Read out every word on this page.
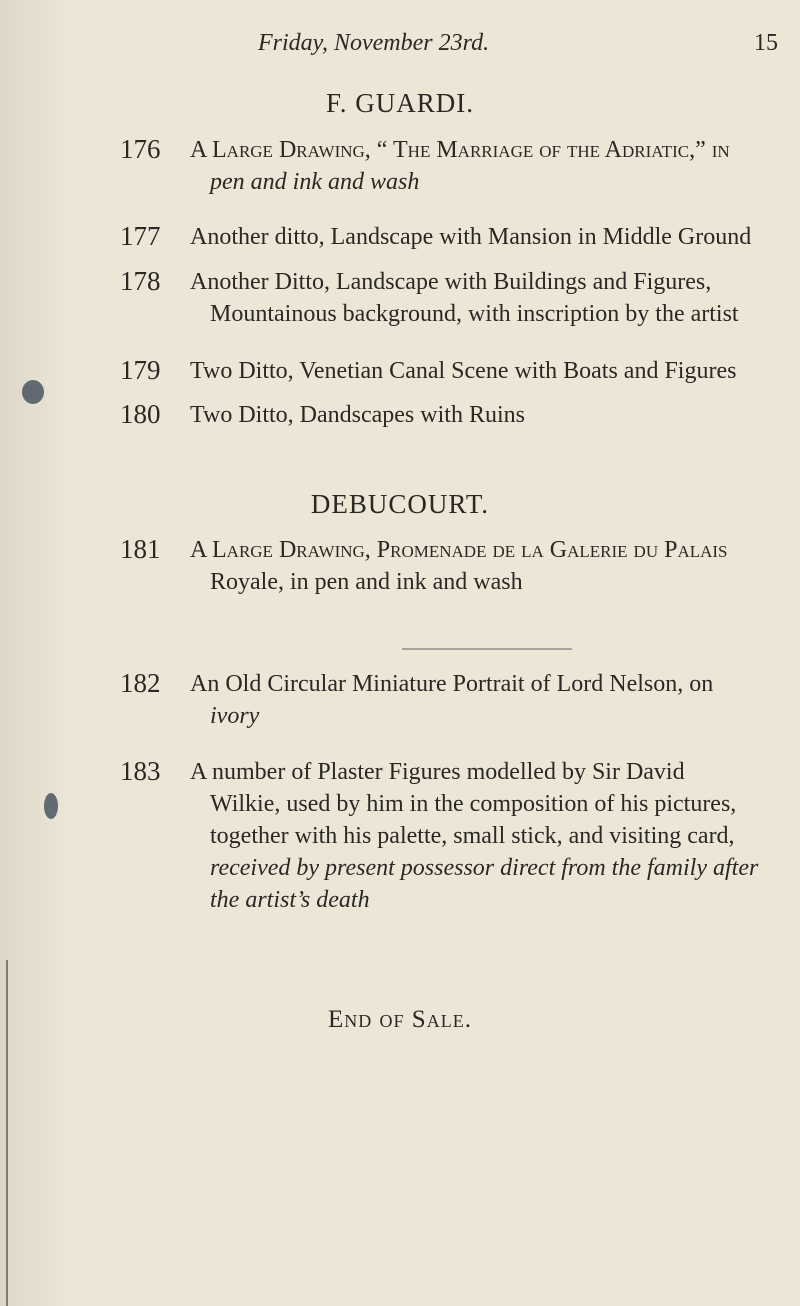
Friday, November 23rd.	15
F. GUARDI.
176 A Large Drawing, “ The Marriage of the Adriatic,” in
pen and ink and wash
177 Another ditto, Landscape with Mansion in Middle Ground
178 Another Ditto, Landscape with Buildings and Figures,
Mountainous background, with inscription by the artist
179 Two Ditto, Venetian Canal Scene with Boats and Figures
180 Two Ditto, Dandscapes with Ruins
DEBUCOURT.
181 A Large Drawing, Promenade de la Galerie du Palais
Royale, in pen and ink and wash
182 An Old Circular Miniature Portrait of Lord Nelson, on
ivory
183 A number of Plaster Figures modelled by Sir David
Wilkie, used by him in the composition of his pictures,
together with his palette, small stick, and visiting card,
received by present possessor direct from the family after
the artist’s death
End of Sale.
